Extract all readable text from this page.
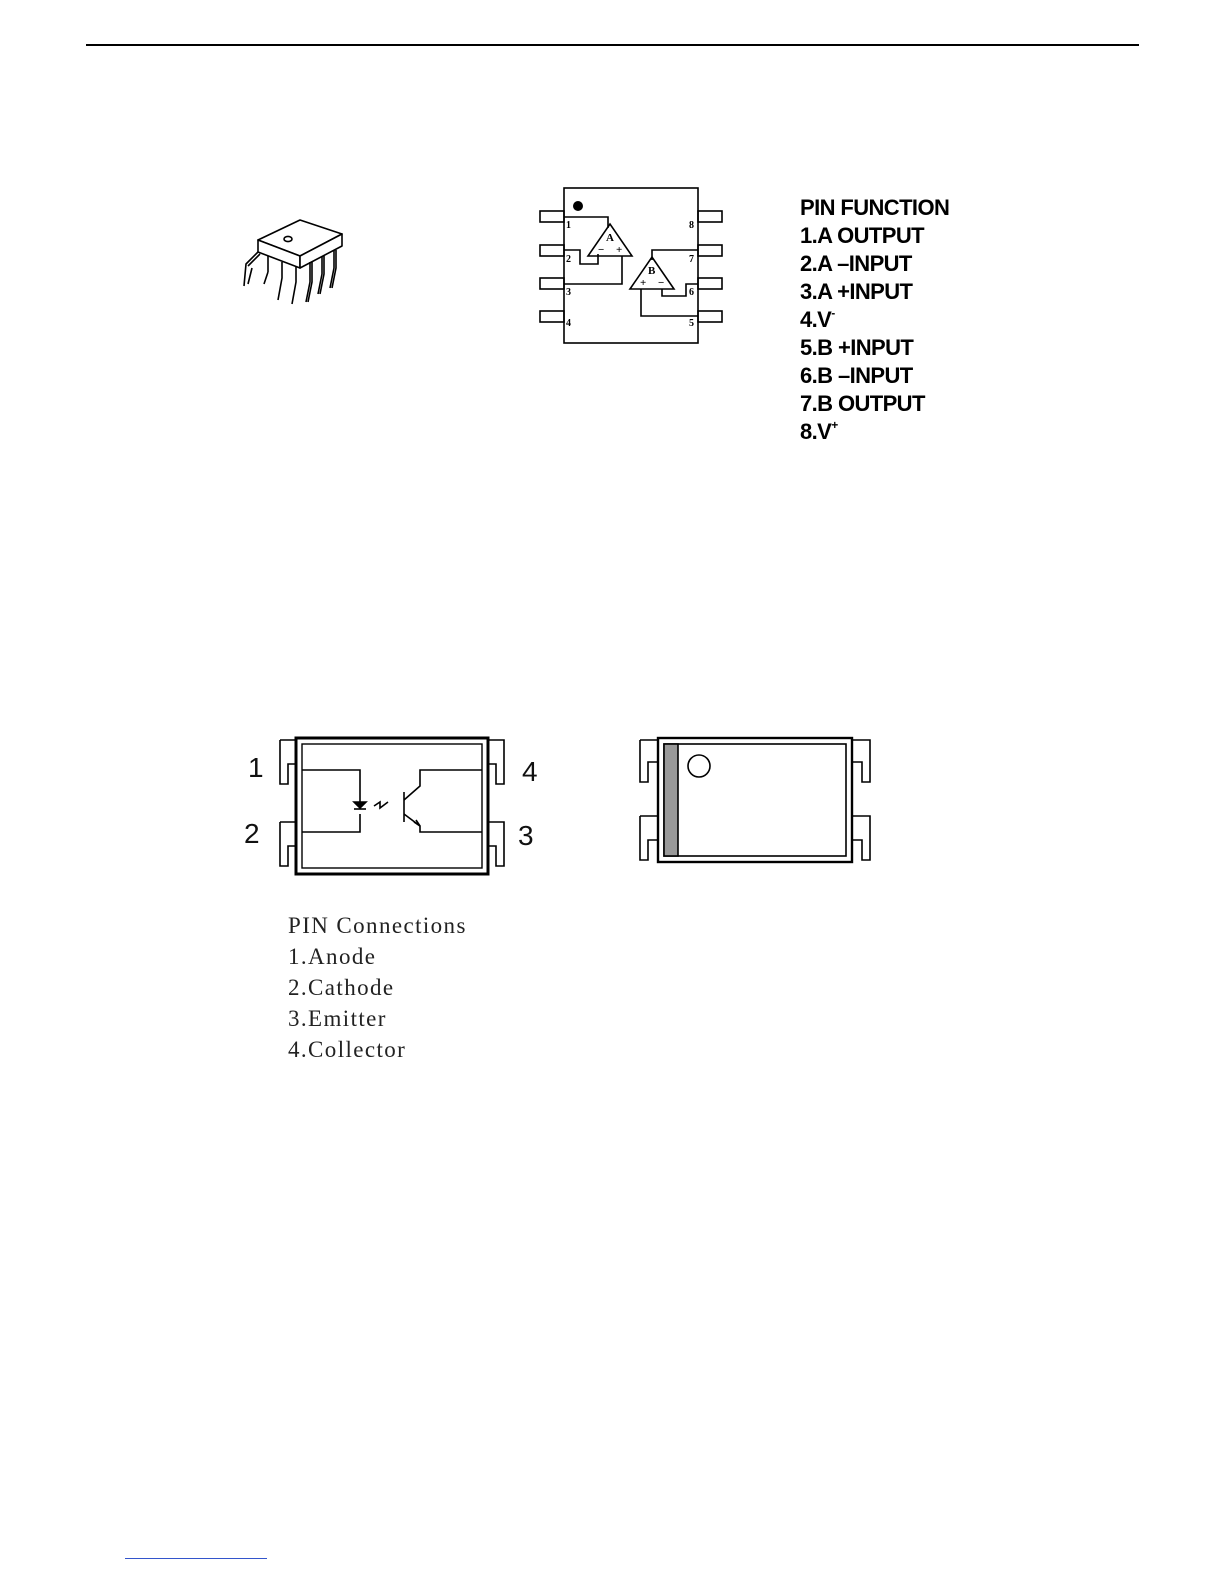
1
2
3
4
8
7
6
5
A
− +
B
+ −
PIN FUNCTION
1.A OUTPUT
2.A –INPUT
3.A +INPUT
4.V-
5.B +INPUT
6.B –INPUT
7.B OUTPUT
8.V+
1
2
4
3
PIN Connections
1.Anode
2.Cathode
3.Emitter
4.Collector
